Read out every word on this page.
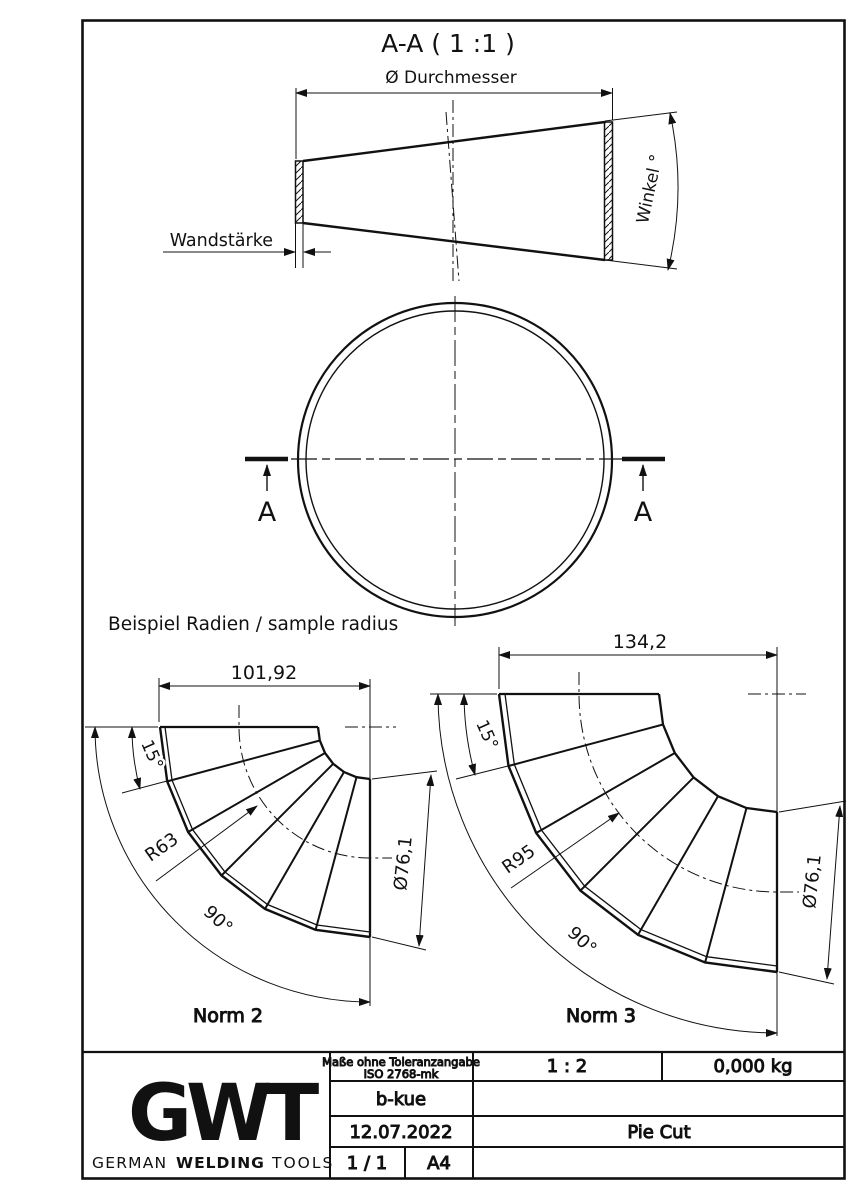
A-A ( 1 :1 )
Ø Durchmesser
Wandstärke
Winkel °
A	A
Beispiel Radien / sample radius
101,92
15°
R63
90°
Ø76,1
Norm 2
134,2
15°
R95
90°
Ø76,1
Norm 3
Maße ohne Toleranzangabe
ISO 2768-mk	1 : 2	0,000 kg
b-kue
12.07.2022	Pie Cut
1 / 1 A4
GWT
GERMAN WELDING TOOLS
